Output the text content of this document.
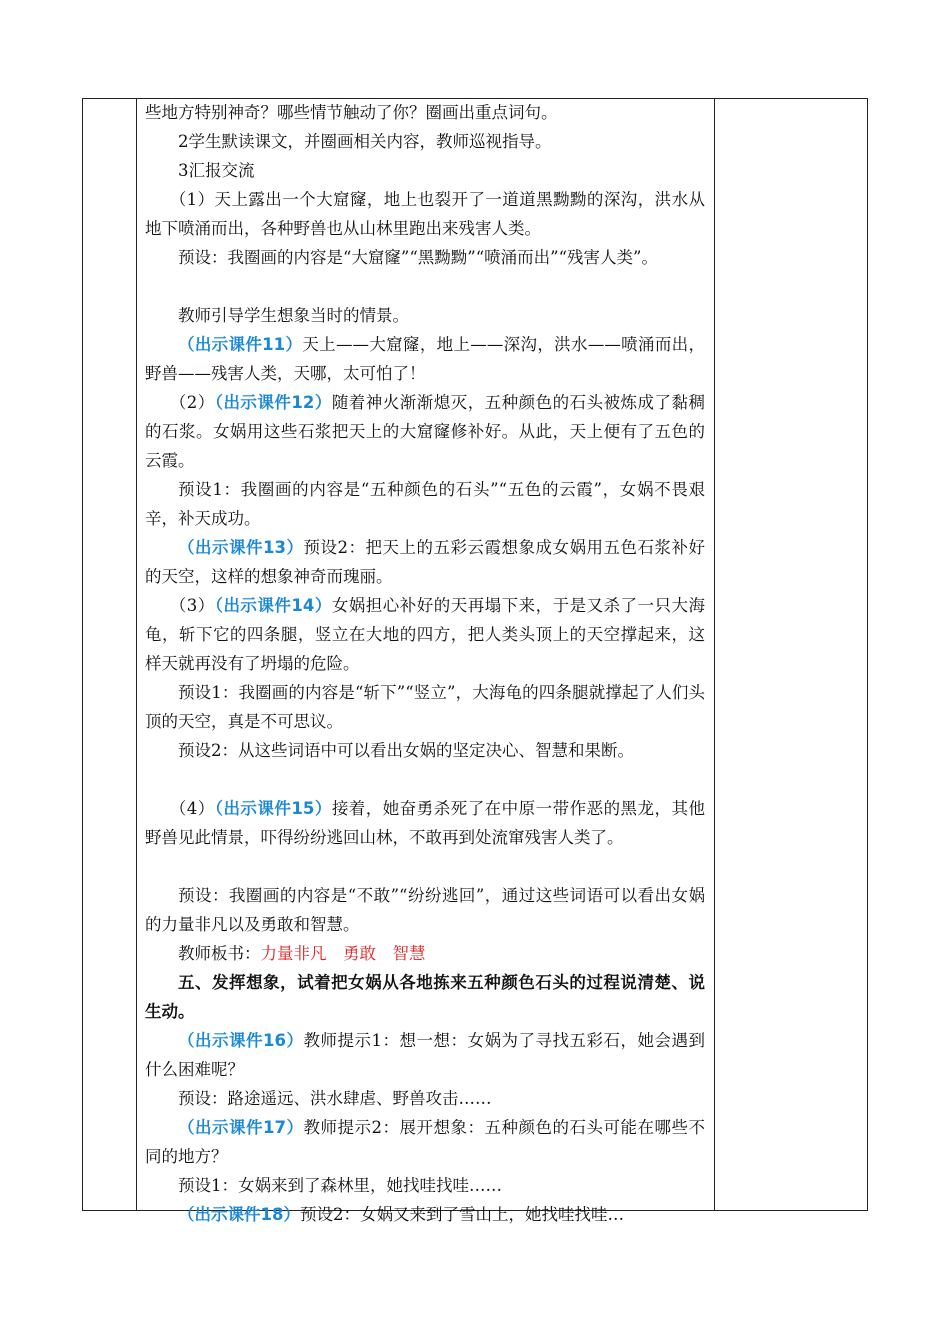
些地方特别神奇？哪些情节触动了你？圈画出重点词句。
2学生默读课文，并圈画相关内容，教师巡视指导。
3汇报交流
（1）天上露出一个大窟窿，地上也裂开了一道道黑黝黝的深沟，洪水从地下喷涌而出，各种野兽也从山林里跑出来残害人类。
预设：我圈画的内容是“大窟窿”“黑黝黝”“喷涌而出”“残害人类”。
教师引导学生想象当时的情景。
（出示课件11）天上——大窟窿，地上——深沟，洪水——喷涌而出，野兽——残害人类，天哪，太可怕了！
（2）（出示课件12）随着神火渐渐熄灭，五种颜色的石头被炼成了黏稠的石浆。女娲用这些石浆把天上的大窟窿修补好。从此，天上便有了五色的云霞。
预设1：我圈画的内容是“五种颜色的石头”“五色的云霞”，女娲不畏艰辛，补天成功。
（出示课件13）预设2：把天上的五彩云霞想象成女娲用五色石浆补好的天空，这样的想象神奇而瑰丽。
（3）（出示课件14）女娲担心补好的天再塌下来，于是又杀了一只大海龟，斩下它的四条腿，竖立在大地的四方，把人类头顶上的天空撑起来，这样天就再没有了坍塌的危险。
预设1：我圈画的内容是“斩下”“竖立”，大海龟的四条腿就撑起了人们头顶的天空，真是不可思议。
预设2：从这些词语中可以看出女娲的坚定决心、智慧和果断。
（4）（出示课件15）接着，她奋勇杀死了在中原一带作恶的黑龙，其他野兽见此情景，吓得纷纷逃回山林，不敢再到处流窜残害人类了。
预设：我圈画的内容是“不敢”“纷纷逃回”，通过这些词语可以看出女娲的力量非凡以及勇敢和智慧。
教师板书：力量非凡　勇敢　智慧
五、发挥想象，试着把女娲从各地拣来五种颜色石头的过程说清楚、说生动。
（出示课件16）教师提示1：想一想：女娲为了寻找五彩石，她会遇到什么困难呢？
预设：路途遥远、洪水肆虐、野兽攻击……
（出示课件17）教师提示2：展开想象：五种颜色的石头可能在哪些不同的地方？
预设1：女娲来到了森林里，她找哇找哇……
（出示课件18）预设2：女娲又来到了雪山上，她找哇找哇…
